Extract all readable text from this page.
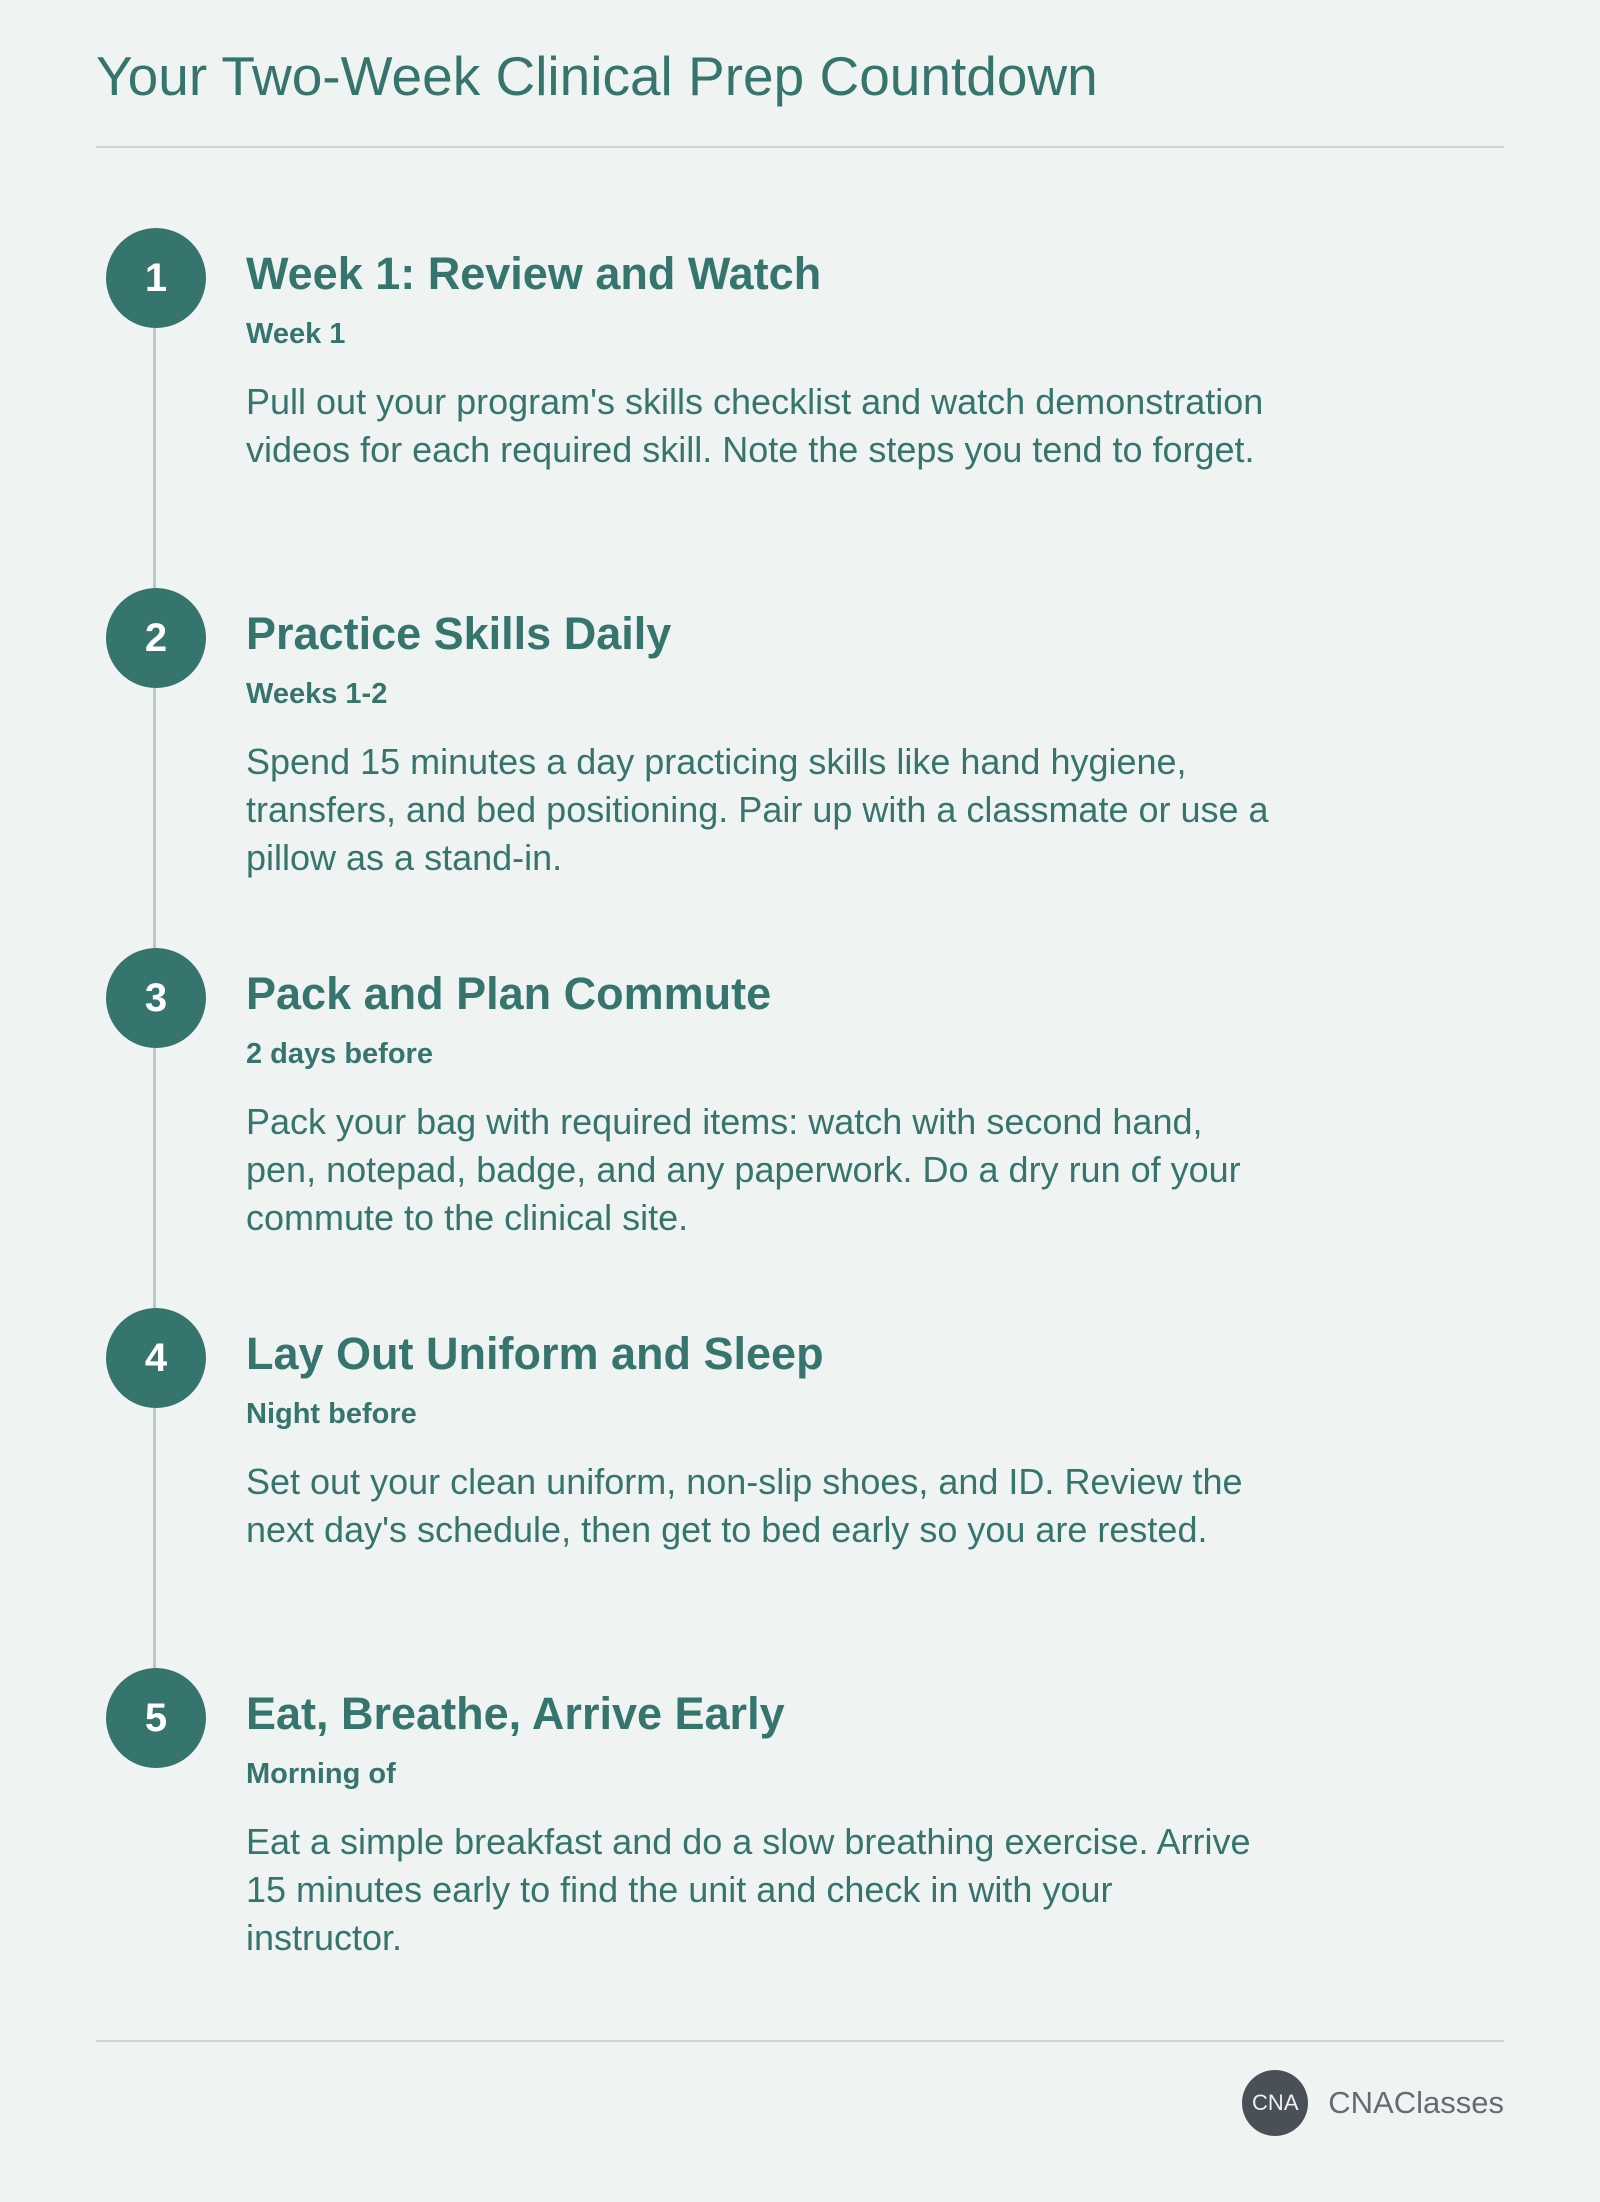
Your Two-Week Clinical Prep Countdown
1	Week 1: Review and Watch
Week 1

Pull out your program's skills checklist and watch demonstration videos for each required skill. Note the steps you tend to forget.

2	Practice Skills Daily
Weeks 1-2

Spend 15 minutes a day practicing skills like hand hygiene, transfers, and bed positioning. Pair up with a classmate or use a pillow as a stand-in.

3	Pack and Plan Commute
2 days before

Pack your bag with required items: watch with second hand, pen, notepad, badge, and any paperwork. Do a dry run of your commute to the clinical site.

4	Lay Out Uniform and Sleep
Night before

Set out your clean uniform, non-slip shoes, and ID. Review the next day's schedule, then get to bed early so you are rested.

5	Eat, Breathe, Arrive Early
Morning of

Eat a simple breakfast and do a slow breathing exercise. Arrive 15 minutes early to find the unit and check in with your instructor.

CNA CNAClasses
